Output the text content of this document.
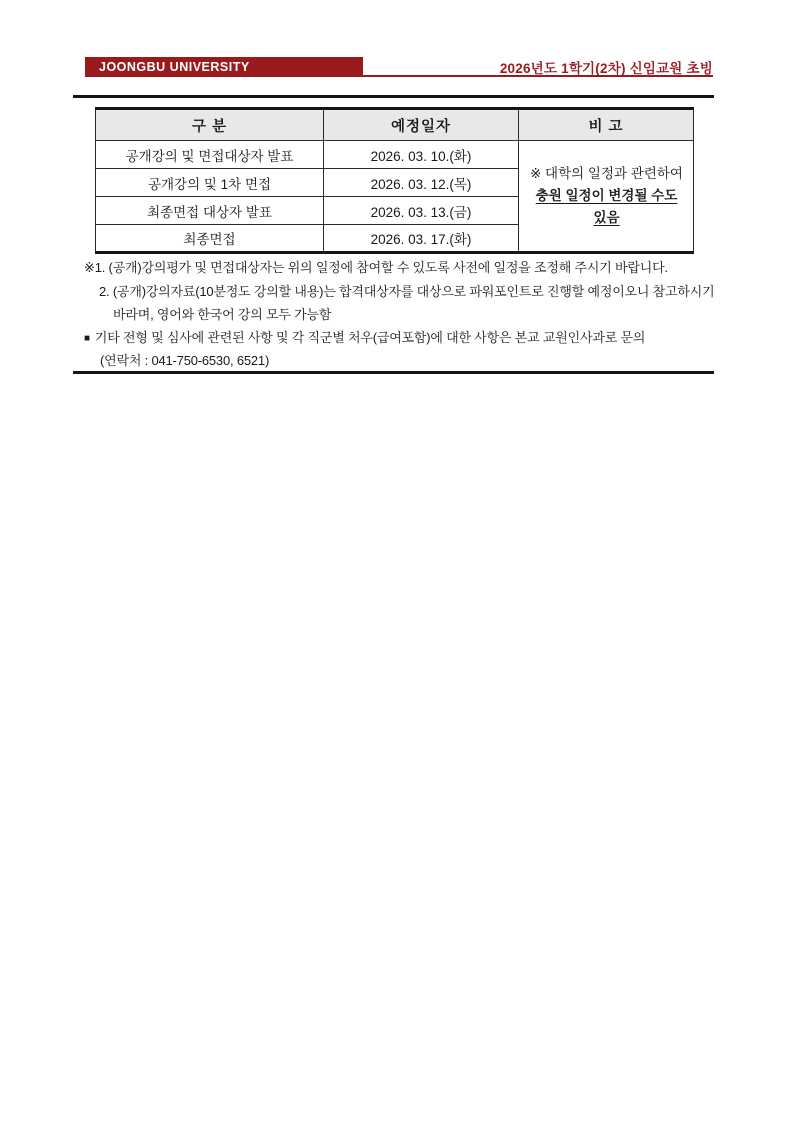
JOONGBU UNIVERSITY	2026년도 1학기(2차) 신임교원 초빙
구 분	예정일자	비 고
공개강의 및 면접대상자 발표	2026. 03. 10.(화)	※ 대학의 일정과 관련하여 충원 일정이 변경될 수도 있음
공개강의 및 1차 면접	2026. 03. 12.(목)	
최종면접 대상자 발표	2026. 03. 13.(금)	
최종면접	2026. 03. 17.(화)	
※1. (공개)강의평가 및 면접대상자는 위의 일정에 참여할 수 있도록 사전에 일정을 조정해 주시기 바랍니다.
2. (공개)강의자료(10분정도 강의할 내용)는 합격대상자를 대상으로 파워포인트로 진행할 예정이오니 참고하시기
바라며, 영어와 한국어 강의 모두 가능함
■ 기타 전형 및 심사에 관련된 사항 및 각 직군별 처우(급여포함)에 대한 사항은 본교 교원인사과로 문의
(연락처 : 041-750-6530, 6521)
